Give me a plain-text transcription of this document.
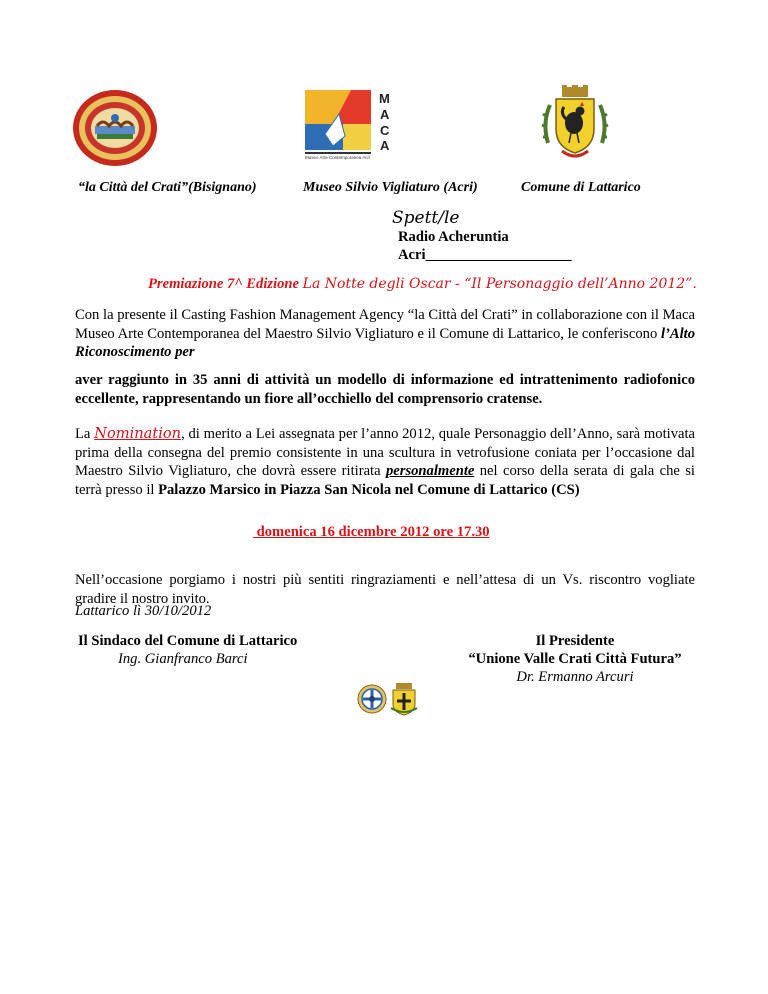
M
A
C
A
Museo Arte Contemporanea Acri
“la Città del Crati”(Bisignano)	Museo Silvio Vigliaturo (Acri)	Comune di Lattarico
Spett/le
Radio Acheruntia
Acri____________________
Premiazione 7^ Edizione La Notte degli Oscar - “Il Personaggio dell’Anno 2012”.
Con la presente il Casting Fashion Management Agency “la Città del Crati” in collaborazione con il Maca Museo Arte Contemporanea del Maestro Silvio Vigliaturo e il Comune di Lattarico, le conferiscono l’Alto Riconoscimento per
aver raggiunto in 35 anni di attività un modello di informazione ed intrattenimento radiofonico eccellente, rappresentando un fiore all’occhiello del comprensorio cratense.
La Nomination, di merito a Lei assegnata per l’anno 2012, quale Personaggio dell’Anno, sarà motivata prima della consegna del premio consistente in una scultura in vetrofusione coniata per l’occasione dal Maestro Silvio Vigliaturo, che dovrà essere ritirata personalmente nel corso della serata di gala che si terrà presso il Palazzo Marsico in Piazza San Nicola nel Comune di Lattarico (CS)
domenica 16 dicembre 2012 ore 17.30
Nell’occasione porgiamo i nostri più sentiti ringraziamenti e nell’attesa di un Vs. riscontro vogliate gradire il nostro invito.
Lattarico lì 30/10/2012
Il Sindaco del Comune di Lattarico
Ing. Gianfranco Barci
Il Presidente
“Unione Valle Crati Città Futura”
Dr. Ermanno Arcuri
